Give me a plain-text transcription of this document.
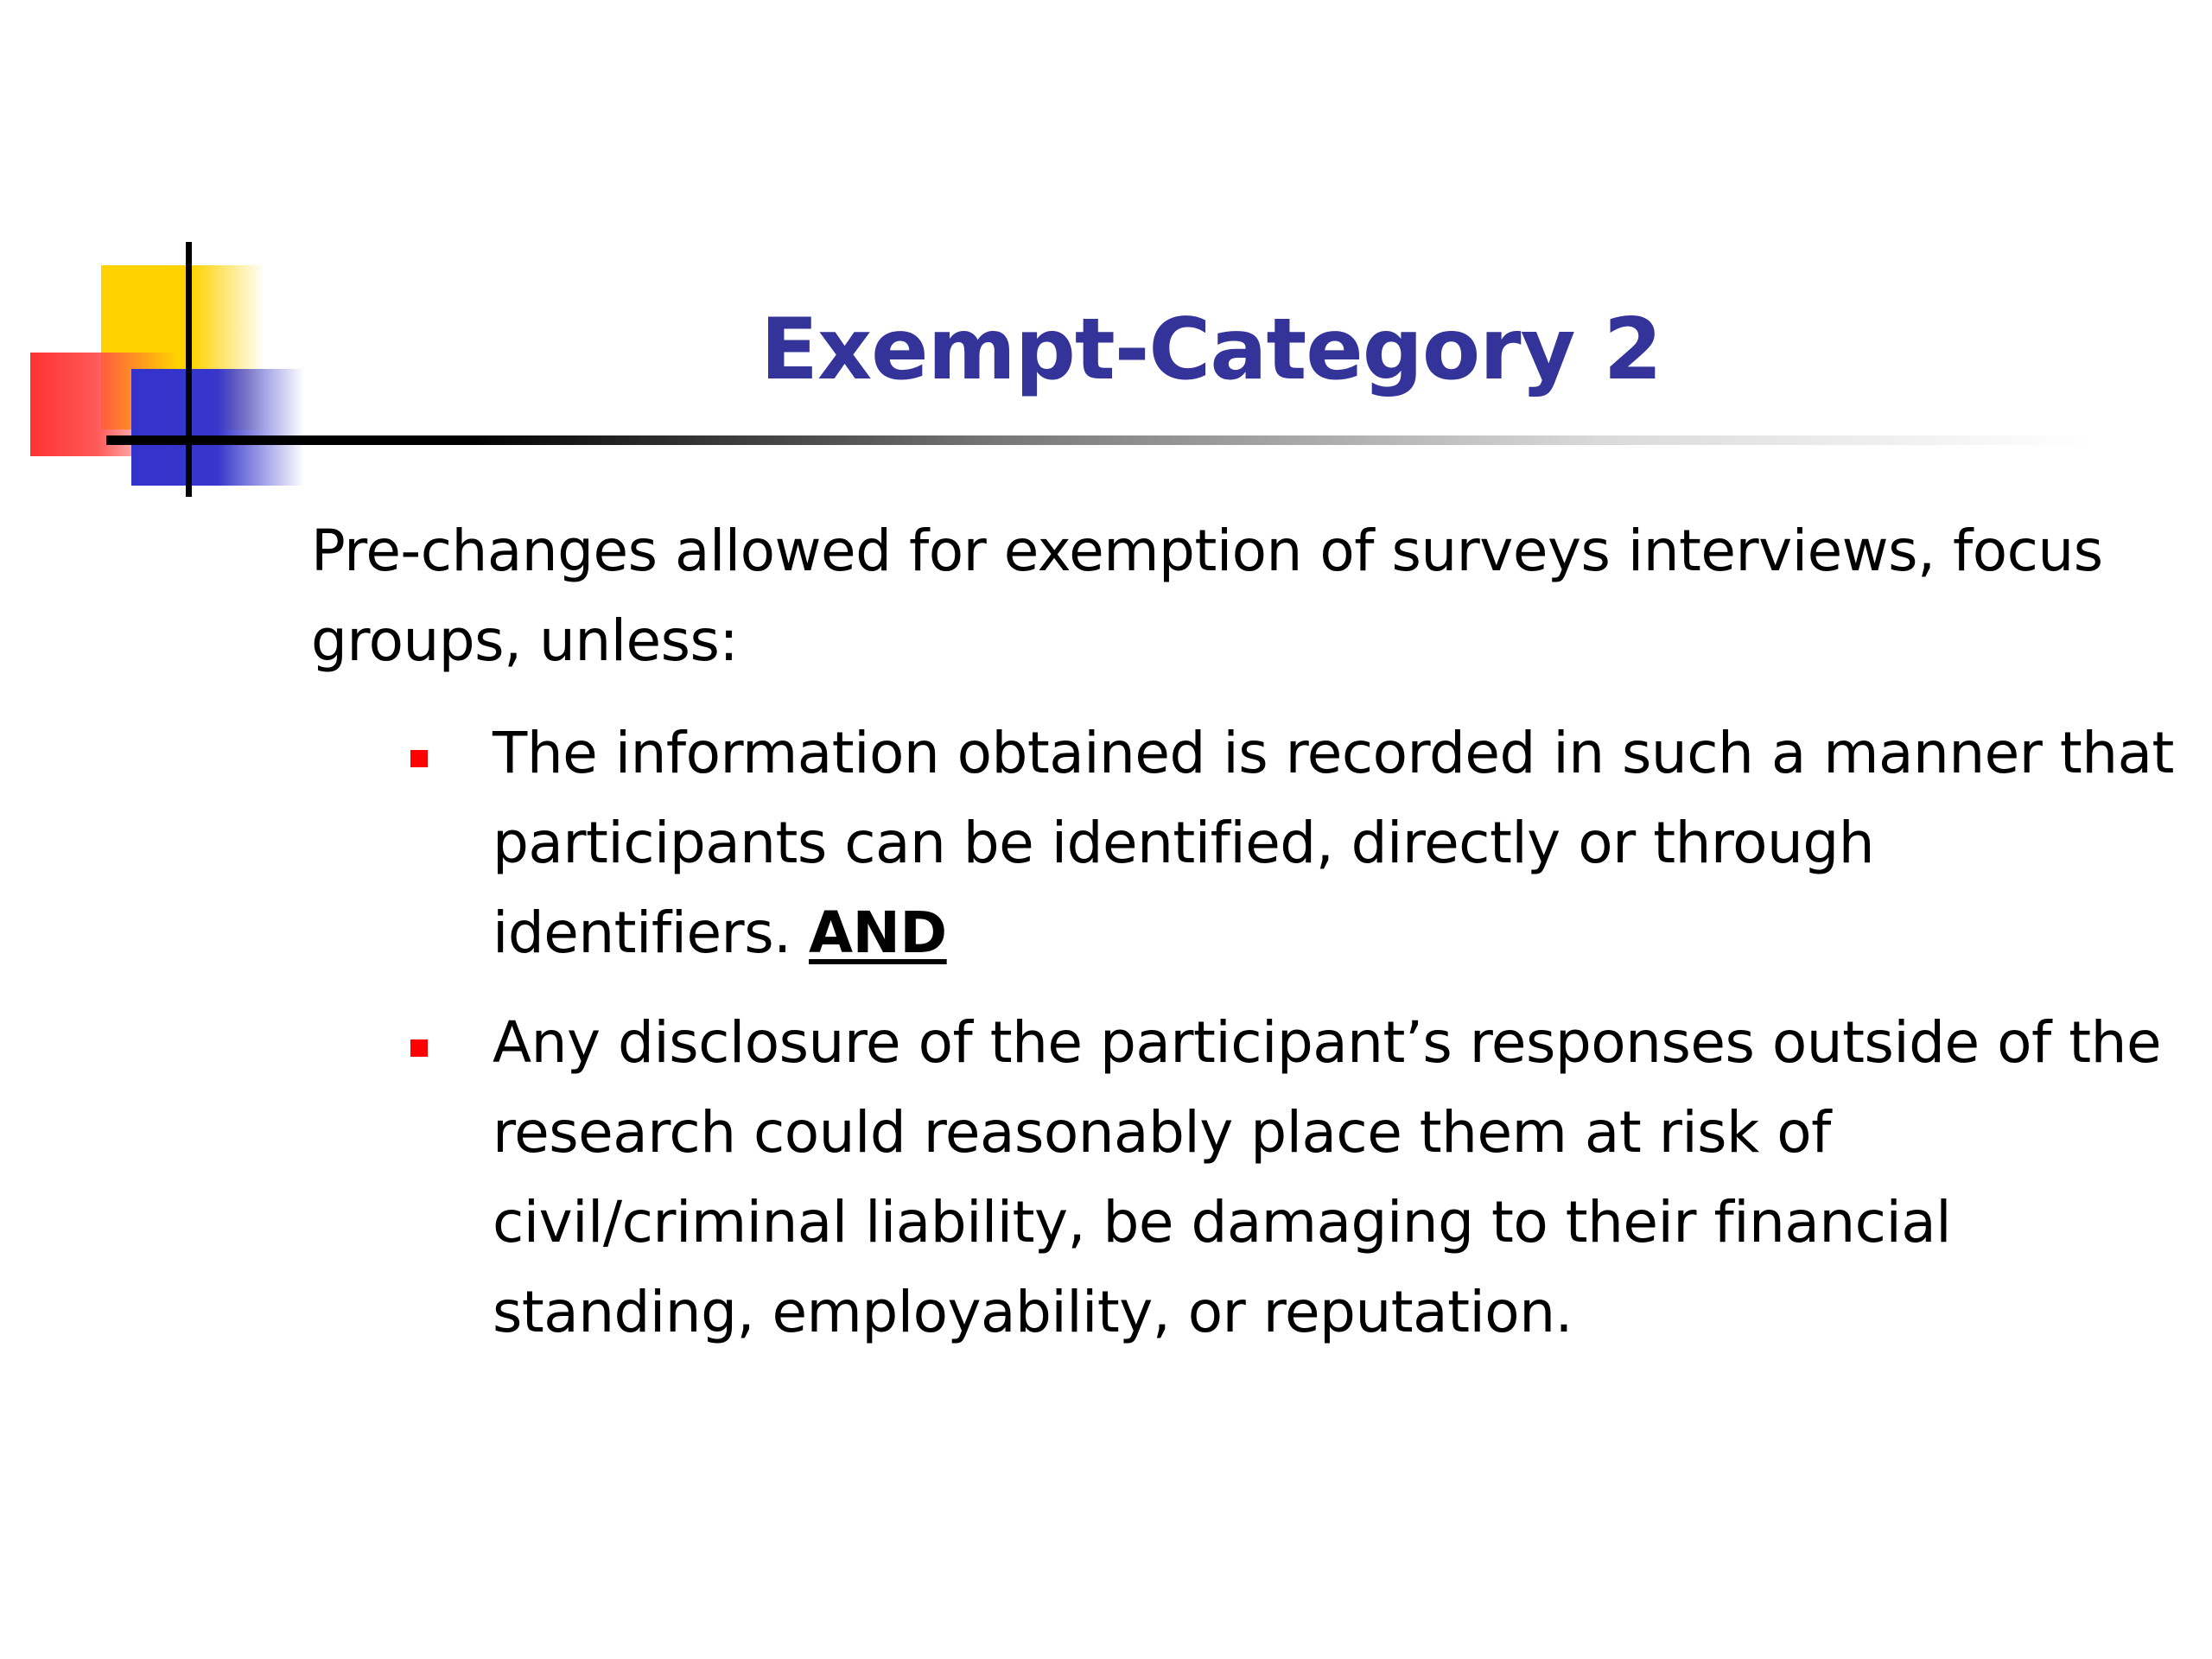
Exempt-Category 2
Pre-changes allowed for exemption of surveys interviews, focus groups, unless:
The information obtained is recorded in such a manner that participants can be identified, directly or through identifiers. AND
Any disclosure of the participant’s responses outside of the research could reasonably place them at risk of civil/criminal liability, be damaging to their financial standing, employability, or reputation.
